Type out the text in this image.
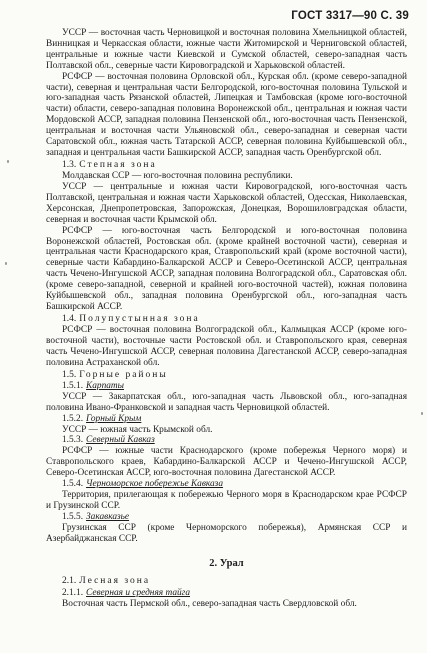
ГОСТ 3317—90 С. 39

УССР — восточная часть Черновицкой и восточная половина Хмельницкой областей, Винницкая и Черкасская области, южные части Житомирской и Черниговской областей, центральные и южные части Киевской и Сумской областей, северо-западная часть Полтавской обл., северные части Кировоградской и Харьковской областей.

РСФСР — восточная половина Орловской обл., Курская обл. (кроме северо-западной части), северная и центральная части Белгородской, юго-восточная половина Тульской и юго-западная часть Рязанской областей, Липецкая и Тамбовская (кроме юго-восточной части) области, северо-западная половина Воронежской обл., центральная и южная части Мордовской АССР, западная половина Пензенской обл., юго-восточная часть Пензенской, центральная и восточная части Ульяновской обл., северо-западная и северная части Саратовской обл., южная часть Татарской АССР, северная половина Куйбышевской обл., западная и центральная части Башкирской АССР, западная часть Оренбургской обл.

1.3. Степная зона

Молдавская ССР — юго-восточная половина республики.

УССР — центральные и южная части Кировоградской, юго-восточная часть Полтавской, центральная и южная части Харьковской областей, Одесская, Николаевская, Херсонская, Днепропетровская, Запорожская, Донецкая, Ворошиловградская области, северная и восточная части Крымской обл.

РСФСР — юго-восточная часть Белгородской и юго-восточная половина Воронежской областей, Ростовская обл. (кроме крайней восточной части), северная и центральная части Краснодарского края, Ставропольский край (кроме восточной части), северные части Кабардино-Балкарской АССР и Северо-Осетинской АССР, центральная часть Чечено-Ингушской АССР, западная половина Волгоградской обл., Саратовская обл. (кроме северо-западной, северной и крайней юго-восточной частей), южная половина Куйбышевской обл., западная половина Оренбургской обл., юго-западная часть Башкирской АССР.

1.4. Полупустынная зона

РСФСР — восточная половина Волгоградской обл., Калмыцкая АССР (кроме юго-восточной части), восточные части Ростовской обл. и Ставропольского края, северная часть Чечено-Ингушской АССР, северная половина Дагестанской АССР, северо-западная половина Астраханской обл.

1.5. Горные районы
1.5.1. Карпаты

УССР — Закарпатская обл., юго-западная часть Львовской обл., юго-западная половина Ивано-Франковской и западная часть Черновицкой областей.

1.5.2. Горный Крым

УССР — южная часть Крымской обл.

1.5.3. Северный Кавказ

РСФСР — южные части Краснодарского (кроме побережья Черного моря) и Ставропольского краев, Кабардино-Балкарской АССР и Чечено-Ингушской АССР, Северо-Осетинская АССР, юго-восточная половина Дагестанской АССР.

1.5.4. Черноморское побережье Кавказа

Территория, прилегающая к побережью Черного моря в Краснодарском крае РСФСР и Грузинской ССР.

1.5.5. Закавказье

Грузинская ССР (кроме Черноморского побережья), Армянская ССР и Азербайджанская ССР.

2. Урал
2.1. Лесная зона
2.1.1. Северная и средняя тайга

Восточная часть Пермской обл., северо-западная часть Свердловской обл.
